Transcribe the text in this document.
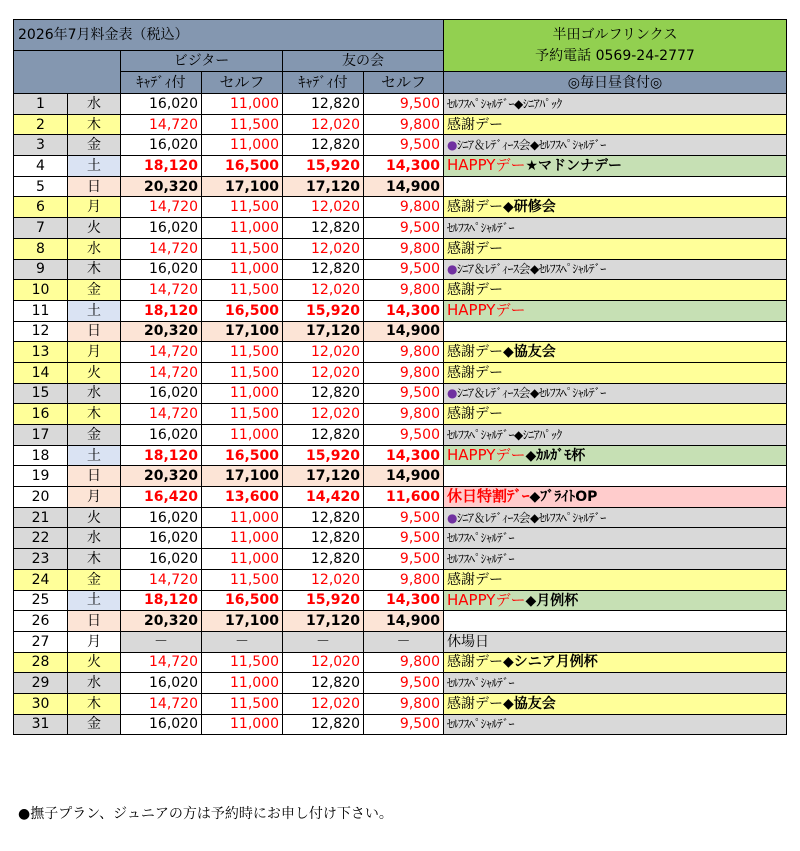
2026年7月料金表（税込）						半田ゴルフリンクス
予約電話 0569-24-2777

		ビジター		友の会		
		ｷｬﾃﾞｨ付	セルフ	ｷｬﾃﾞｨ付	セルフ	◎毎日昼食付◎
1	水	16,020	11,000	12,820	9,500	ｾﾙﾌｽﾍﾟｼｬﾙﾃﾞｰ◆ｼﾆｱﾊﾟｯｸ
2	木	14,720	11,500	12,020	9,800	感謝デー
3	金	16,020	11,000	12,820	9,500	●ｼﾆｱ＆ﾚﾃﾞｨｰｽ会◆ｾﾙﾌｽﾍﾟｼｬﾙﾃﾞｰ
4	土	18,120	16,500	15,920	14,300	HAPPYデー★マドンナデー
5	日	20,320	17,100	17,120	14,900	
6	月	14,720	11,500	12,020	9,800	感謝デー◆研修会
7	火	16,020	11,000	12,820	9,500	ｾﾙﾌｽﾍﾟｼｬﾙﾃﾞｰ
8	水	14,720	11,500	12,020	9,800	感謝デー
9	木	16,020	11,000	12,820	9,500	●ｼﾆｱ＆ﾚﾃﾞｨｰｽ会◆ｾﾙﾌｽﾍﾟｼｬﾙﾃﾞｰ
10	金	14,720	11,500	12,020	9,800	感謝デー
11	土	18,120	16,500	15,920	14,300	HAPPYデー
12	日	20,320	17,100	17,120	14,900	
13	月	14,720	11,500	12,020	9,800	感謝デー◆協友会
14	火	14,720	11,500	12,020	9,800	感謝デー
15	水	16,020	11,000	12,820	9,500	●ｼﾆｱ＆ﾚﾃﾞｨｰｽ会◆ｾﾙﾌｽﾍﾟｼｬﾙﾃﾞｰ
16	木	14,720	11,500	12,020	9,800	感謝デー
17	金	16,020	11,000	12,820	9,500	ｾﾙﾌｽﾍﾟｼｬﾙﾃﾞｰ◆ｼﾆｱﾊﾟｯｸ
18	土	18,120	16,500	15,920	14,300	HAPPYデー◆ｶﾙｶﾞﾓ杯
19	日	20,320	17,100	17,120	14,900	
20	月	16,420	13,600	14,420	11,600	休日特割ﾃﾞｰ◆ﾌﾞﾗｲﾄOP
21	火	16,020	11,000	12,820	9,500	●ｼﾆｱ＆ﾚﾃﾞｨｰｽ会◆ｾﾙﾌｽﾍﾟｼｬﾙﾃﾞｰ
22	水	16,020	11,000	12,820	9,500	ｾﾙﾌｽﾍﾟｼｬﾙﾃﾞｰ
23	木	16,020	11,000	12,820	9,500	ｾﾙﾌｽﾍﾟｼｬﾙﾃﾞｰ
24	金	14,720	11,500	12,020	9,800	感謝デー
25	土	18,120	16,500	15,920	14,300	HAPPYデー◆月例杯
26	日	20,320	17,100	17,120	14,900	
27	月	－	－	－	－	休場日
28	火	14,720	11,500	12,020	9,800	感謝デー◆シニア月例杯
29	水	16,020	11,000	12,820	9,500	ｾﾙﾌｽﾍﾟｼｬﾙﾃﾞｰ
30	木	14,720	11,500	12,020	9,800	感謝デー◆協友会
31	金	16,020	11,000	12,820	9,500	ｾﾙﾌｽﾍﾟｼｬﾙﾃﾞｰ
●撫子プラン、ジュニアの方は予約時にお申し付け下さい。
